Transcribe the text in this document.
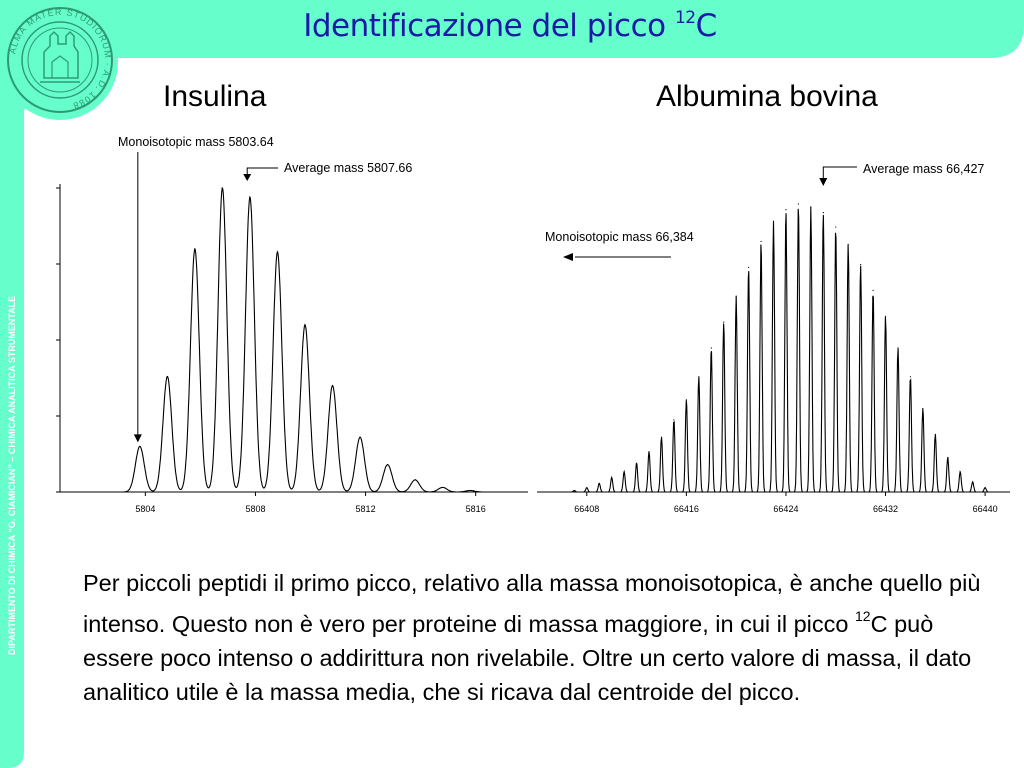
ALMA MATER STUDIORUM · A.D. 1088
DIPARTIMENTO DI CHIMICA “G. CIAMICIAN” – CHIMICA ANALITICA STRUMENTALE
Identificazione del picco $^{12}$C
Insulina	Albumina bovina
5804	5808	5812	5816
Monoisotopic mass 5803.64
Average mass 5807.66
66408	66416	66424	66432	66440
Average mass 66,427
Monoisotopic mass 66,384
Per piccoli peptidi il primo picco, relativo alla massa monoisotopica, è anche quello più intenso. Questo non è vero per proteine di massa maggiore, in cui il picco $^{12}$C può essere poco intenso o addirittura non rivelabile. Oltre un certo valore di massa, il dato analitico utile è la massa media, che si ricava dal centroide del picco.
